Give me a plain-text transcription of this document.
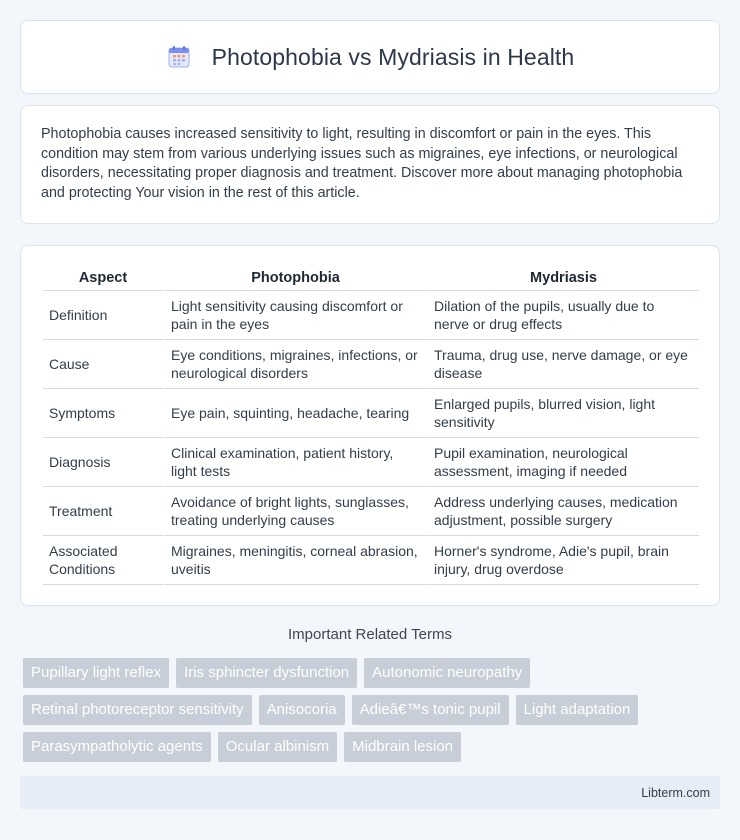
Photophobia vs Mydriasis in Health

Photophobia causes increased sensitivity to light, resulting in discomfort or pain in the eyes. This condition may stem from various underlying issues such as migraines, eye infections, or neurological disorders, necessitating proper diagnosis and treatment. Discover more about managing photophobia and protecting Your vision in the rest of this article.

Aspect	Photophobia	Mydriasis
Definition	Light sensitivity causing discomfort or pain in the eyes	Dilation of the pupils, usually due to nerve or drug effects
Cause	Eye conditions, migraines, infections, or neurological disorders	Trauma, drug use, nerve damage, or eye disease
Symptoms	Eye pain, squinting, headache, tearing	Enlarged pupils, blurred vision, light sensitivity
Diagnosis	Clinical examination, patient history, light tests	Pupil examination, neurological assessment, imaging if needed
Treatment	Avoidance of bright lights, sunglasses, treating underlying causes	Address underlying causes, medication adjustment, possible surgery
Associated Conditions	Migraines, meningitis, corneal abrasion, uveitis	Horner's syndrome, Adie's pupil, brain injury, drug overdose
Important Related Terms
Pupillary light reflex	Iris sphincter dysfunction	Autonomic neuropathy
Retinal photoreceptor sensitivity	Anisocoria	Adieâ€™s tonic pupil	Light adaptation
Parasympatholytic agents	Ocular albinism	Midbrain lesion
Libterm.com
